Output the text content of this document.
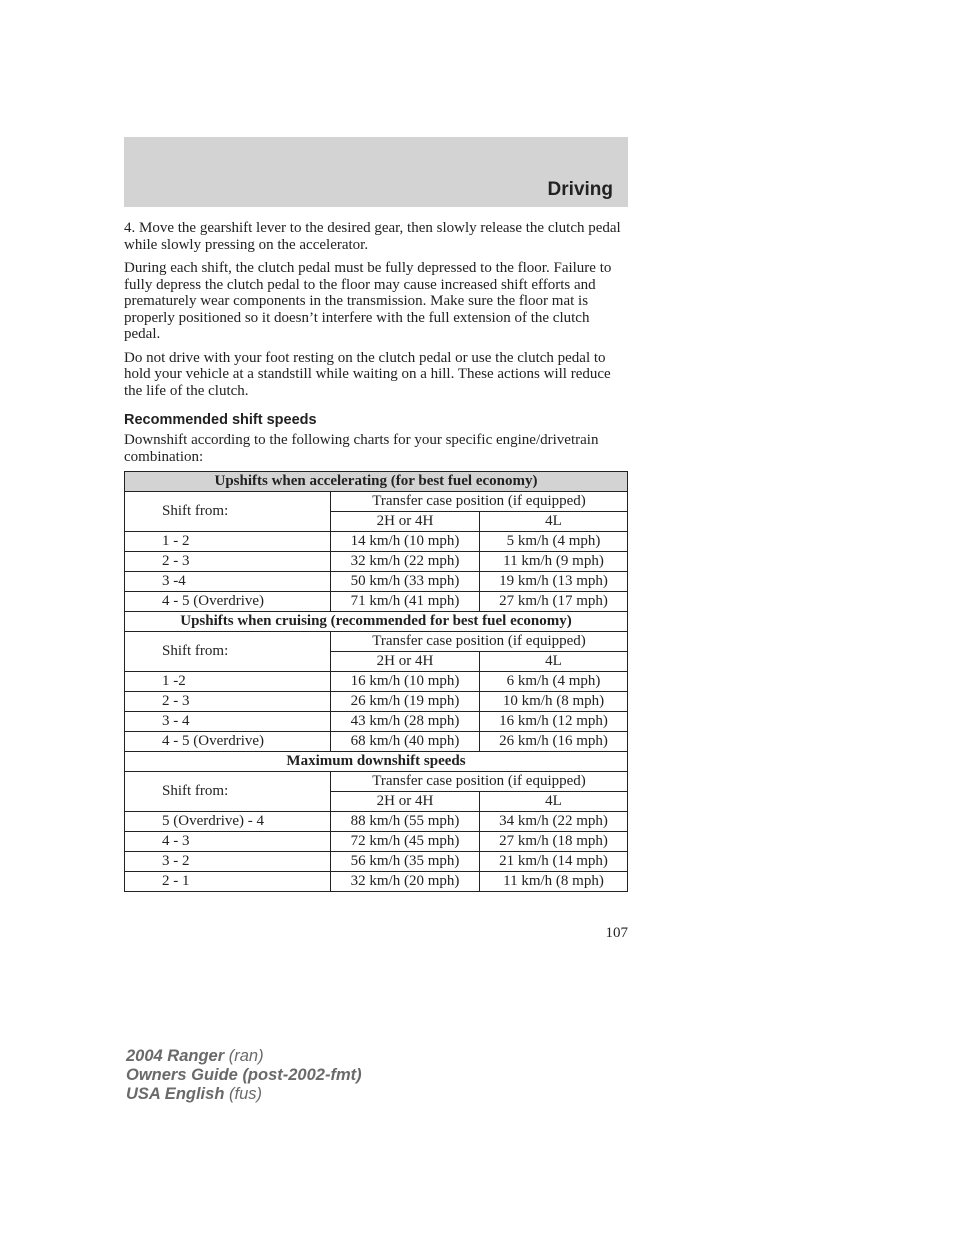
Driving

4. Move the gearshift lever to the desired gear, then slowly release the clutch pedal while slowly pressing on the accelerator.

During each shift, the clutch pedal must be fully depressed to the floor. Failure to fully depress the clutch pedal to the floor may cause increased shift efforts and prematurely wear components in the transmission. Make sure the floor mat is properly positioned so it doesn’t interfere with the full extension of the clutch pedal.

Do not drive with your foot resting on the clutch pedal or use the clutch pedal to hold your vehicle at a standstill while waiting on a hill. These actions will reduce the life of the clutch.

Recommended shift speeds

Downshift according to the following charts for your specific engine/drivetrain combination:

Upshifts when accelerating (for best fuel economy)		
Shift from:	Transfer case position (if equipped)	
	2H or 4H	4L
1 - 2	14 km/h (10 mph)	5 km/h (4 mph)
2 - 3	32 km/h (22 mph)	11 km/h (9 mph)
3 -4	50 km/h (33 mph)	19 km/h (13 mph)
4 - 5 (Overdrive)	71 km/h (41 mph)	27 km/h (17 mph)
Upshifts when cruising (recommended for best fuel economy)		
Shift from:	Transfer case position (if equipped)	
	2H or 4H	4L
1 -2	16 km/h (10 mph)	6 km/h (4 mph)
2 - 3	26 km/h (19 mph)	10 km/h (8 mph)
3 - 4	43 km/h (28 mph)	16 km/h (12 mph)
4 - 5 (Overdrive)	68 km/h (40 mph)	26 km/h (16 mph)
Maximum downshift speeds		
Shift from:	Transfer case position (if equipped)	
	2H or 4H	4L
5 (Overdrive) - 4	88 km/h (55 mph)	34 km/h (22 mph)
4 - 3	72 km/h (45 mph)	27 km/h (18 mph)
3 - 2	56 km/h (35 mph)	21 km/h (14 mph)
2 - 1	32 km/h (20 mph)	11 km/h (8 mph)
107
2004 Ranger (ran)
Owners Guide (post-2002-fmt)
USA English (fus)
